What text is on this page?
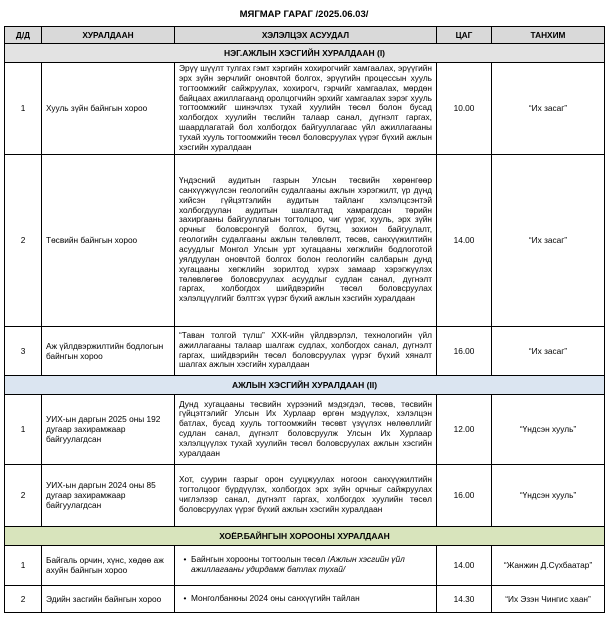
МЯГМАР ГАРАГ /2025.06.03/
Д/Д	ХУРАЛДААН	ХЭЛЭЛЦЭХ АСУУДАЛ	ЦАГ	ТАНХИМ
НЭГ.АЖЛЫН ХЭСГИЙН ХУРАЛДААН (I)				
1	Хууль зүйн байнгын хороо	Эрүү шүүлт тулгах гэмт хэргийн хохирогчийг хамгаалах, эрүүгийн эрх зүйн зөрчлийг оновчтой болгох, эрүүгийн процессын хууль тогтоомжийг сайжруулах, хохирогч, гэрчийг хамгаалах, мөрдөн байцаах ажиллагаанд оролцогчийн эрхийг хамгаалах зэрэг хууль тогтоомжийг шинэчлэх тухай хуулийн төсөл болон бусад холбогдох хуулийн төслийн талаар санал, дүгнэлт гаргах, шаардлагатай бол холбогдох байгууллагаас үйл ажиллагааны тухай хууль тогтоомжийн төсөл боловсруулах үүрэг бүхий ажлын хэсгийн хуралдаан	10.00	“Их засаг”
2	Төсвийн байнгын хороо	Үндэсний аудитын газрын Улсын төсвийн хөрөнгөөр санхүүжүүлсэн геологийн судалгааны ажлын хэрэгжилт, үр дүнд хийсэн гүйцэтгэлийн аудитын тайланг хэлэлцсэнтэй холбогдуулан аудитын шалгалтад хамрагдсан төрийн захиргааны байгууллагын тогтолцоо, чиг үүрэг, хууль, эрх зүйн орчныг боловсронгуй болгох, бүтэц, зохион байгуулалт, геологийн судалгааны ажлын төлөвлөлт, төсөв, санхүүжилтийн асуудлыг Монгол Улсын урт хугацааны хөгжлийн бодлоготой уялдуулан оновчтой болгох болон геологийн салбарын дунд хугацааны хөгжлийн зорилтод хүрэх замаар хэрэгжүүлэх төлөвлөгөө боловсруулах асуудлыг судлан санал, дүгнэлт гаргах, холбогдох шийдвэрийн төсөл боловсруулах хэлэлцүүлгийг бэлтгэх үүрэг бүхий ажлын хэсгийн хуралдаан	14.00	“Их засаг”
3	Аж үйлдвэржилтийн бодлогын байнгын хороо	“Таван толгой түлш” ХХК-ийн үйлдвэрлэл, технологийн үйл ажиллагааны талаар шалгаж судлах, холбогдох санал, дүгнэлт гаргах, шийдвэрийн төсөл боловсруулах үүрэг бүхий хяналт шалгах ажлын хэсгийн хуралдаан	16.00	“Их засаг”
АЖЛЫН ХЭСГИЙН ХУРАЛДААН (II)				
1	УИХ-ын даргын 2025 оны 192 дугаар захирамжаар байгуулагдсан	Дунд хугацааны төсвийн хүрээний мэдэгдэл, төсөв, төсвийн гүйцэтгэлийг Улсын Их Хурлаар өргөн мэдүүлэх, хэлэлцэн батлах, бусад хууль тогтоомжийн төсөвт үзүүлэх нөлөөллийг судлан санал, дүгнэлт боловсруулж Улсын Их Хурлаар хэлэлцүүлэх тухай хуулийн төсөл боловсруулах ажлын хэсгийн хуралдаан	12.00	“Үндсэн хууль”
2	УИХ-ын даргын 2024 оны 85 дугаар захирамжаар байгуулагдсан	Хот, суурин газрыг орон сууцжуулах ногоон санхүүжилтийн тогтолцоог бүрдүүлэх, холбогдох эрх зүйн орчныг сайжруулах чиглэлээр санал, дүгнэлт гаргах, холбогдох хуулийн төсөл боловсруулах үүрэг бүхий ажлын хэсгийн хуралдаан	16.00	“Үндсэн хууль”
ХОЁР.БАЙНГЫН ХОРООНЫ ХУРАЛДААН				
1	Байгаль орчин, хүнс, хөдөө аж ахуйн байнгын хороо	• Байнгын хорооны тогтоолын төсөл /Ажлын хэсгийн үйл ажиллагааны удирдамж батлах тухай/	14.00	“Жанжин Д.Сүхбаатар”
2	Эдийн засгийн байнгын хороо	• Монголбанкны 2024 оны санхүүгийн тайлан	14.30	“Их Эзэн Чингис хаан”
